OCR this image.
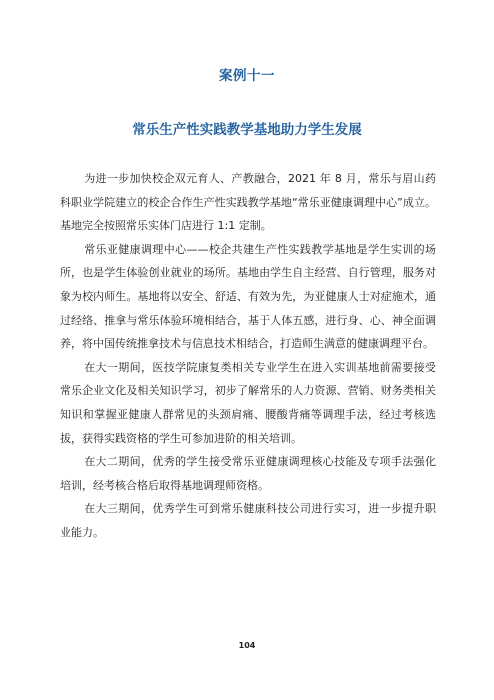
案例十一
常乐生产性实践教学基地助力学生发展

为进一步加快校企双元育人、产教融合，2021 年 8 月，常乐与眉山药科职业学院建立的校企合作生产性实践教学基地“常乐亚健康调理中心”成立。基地完全按照常乐实体门店进行 1:1 定制。

常乐亚健康调理中心——校企共建生产性实践教学基地是学生实训的场所，也是学生体验创业就业的场所。基地由学生自主经营、自行管理，服务对象为校内师生。基地将以安全、舒适、有效为先，为亚健康人士对症施术，通过经络、推拿与常乐体验环境相结合，基于人体五感，进行身、心、神全面调养，将中国传统推拿技术与信息技术相结合，打造师生满意的健康调理平台。

在大一期间，医技学院康复类相关专业学生在进入实训基地前需要接受常乐企业文化及相关知识学习，初步了解常乐的人力资源、营销、财务类相关知识和掌握亚健康人群常见的头颈肩痛、腰酸背痛等调理手法，经过考核选拔，获得实践资格的学生可参加进阶的相关培训。

在大二期间，优秀的学生接受常乐亚健康调理核心技能及专项手法强化培训，经考核合格后取得基地调理师资格。

在大三期间，优秀学生可到常乐健康科技公司进行实习，进一步提升职业能力。

104
